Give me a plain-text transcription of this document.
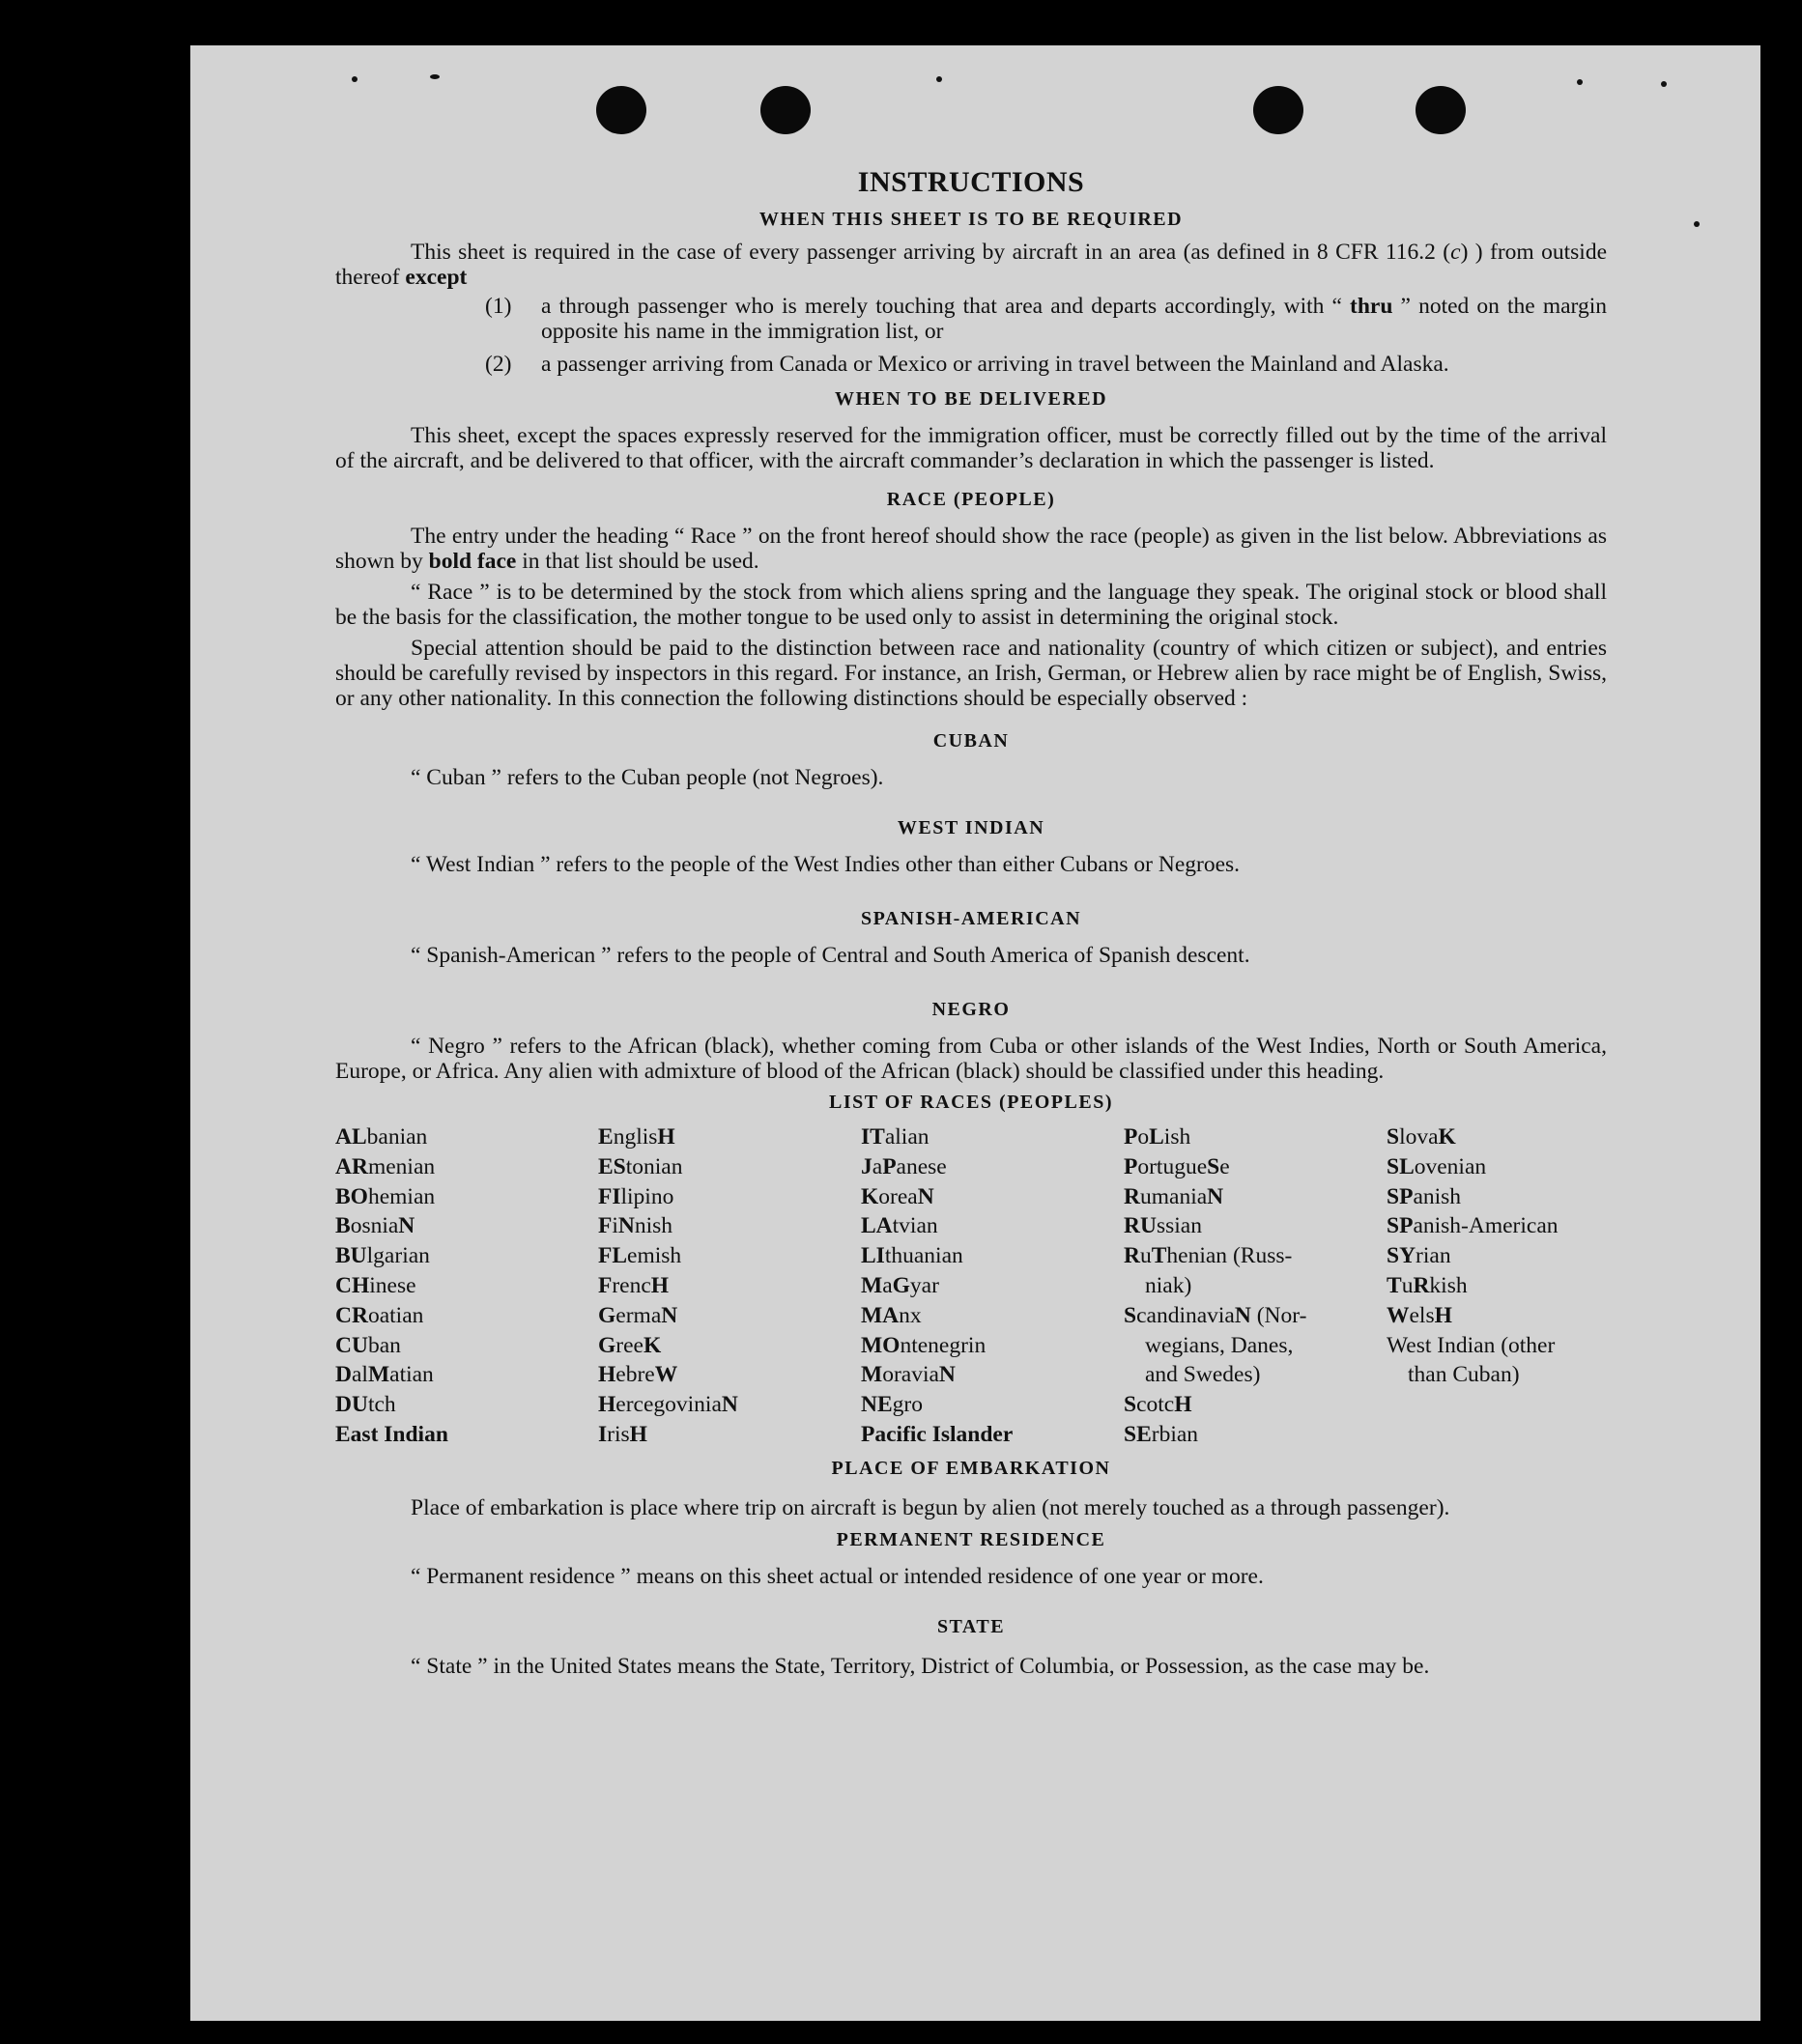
INSTRUCTIONS
WHEN THIS SHEET IS TO BE REQUIRED

This sheet is required in the case of every passenger arriving by aircraft in an area (as defined in 8 CFR 116.2 (c) ) from outside thereof except

(1) a through passenger who is merely touching that area and departs accordingly, with “ thru ” noted on the margin opposite his name in the immigration list, or

(2) a passenger arriving from Canada or Mexico or arriving in travel between the Mainland and Alaska.

WHEN TO BE DELIVERED

This sheet, except the spaces expressly reserved for the immigration officer, must be correctly filled out by the time of the arrival of the aircraft, and be delivered to that officer, with the aircraft commander’s declaration in which the passenger is listed.

RACE (PEOPLE)

The entry under the heading “ Race ” on the front hereof should show the race (people) as given in the list below. Abbreviations as shown by bold face in that list should be used.

“ Race ” is to be determined by the stock from which aliens spring and the language they speak. The original stock or blood shall be the basis for the classification, the mother tongue to be used only to assist in determining the original stock.

Special attention should be paid to the distinction between race and nationality (country of which citizen or subject), and entries should be carefully revised by inspectors in this regard. For instance, an Irish, German, or Hebrew alien by race might be of English, Swiss, or any other nationality. In this connection the following distinctions should be especially observed :

CUBAN

“ Cuban ” refers to the Cuban people (not Negroes).

WEST INDIAN

“ West Indian ” refers to the people of the West Indies other than either Cubans or Negroes.

SPANISH-AMERICAN

“ Spanish-American ” refers to the people of Central and South America of Spanish descent.

NEGRO

“ Negro ” refers to the African (black), whether coming from Cuba or other islands of the West Indies, North or South America, Europe, or Africa. Any alien with admixture of blood of the African (black) should be classified under this heading.

LIST OF RACES (PEOPLES)
ALbanian
ARmenian
BOhemian
BosniaN
BUlgarian
CHinese
CRoatian
CUban
DalMatian
DUtch
East Indian
EnglisH
EStonian
FIlipino
FiNnish
FLemish
FrencH
GermaN
GreeK
HebreW
HercegoviniaN
IrisH
ITalian
JaPanese
KoreaN
LAtvian
LIthuanian
MaGyar
MAnx
MOntenegrin
MoraviaN
NEgro
Pacific Islander
PoLish
PortugueSe
RumaniaN
RUssian
RuThenian (Russ-
niak)
ScandinaviaN (Nor-
wegians, Danes,
and Swedes)
ScotcH
SErbian
SlovaK
SLovenian
SPanish
SPanish-American
SYrian
TuRkish
WelsH
West Indian (other
than Cuban)
PLACE OF EMBARKATION

Place of embarkation is place where trip on aircraft is begun by alien (not merely touched as a through passenger).

PERMANENT RESIDENCE

“ Permanent residence ” means on this sheet actual or intended residence of one year or more.

STATE

“ State ” in the United States means the State, Territory, District of Columbia, or Possession, as the case may be.
